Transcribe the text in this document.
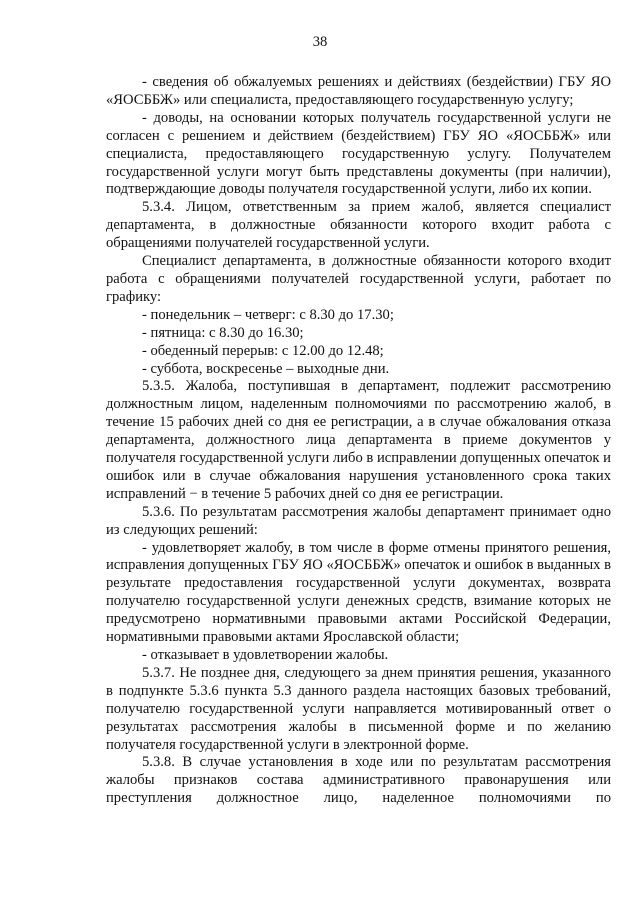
38

- сведения об обжалуемых решениях и действиях (бездействии) ГБУ ЯО «ЯОСББЖ» или специалиста, предоставляющего государственную услугу;

- доводы, на основании которых получатель государственной услуги не согласен с решением и действием (бездействием) ГБУ ЯО «ЯОСББЖ» или специалиста, предоставляющего государственную услугу. Получателем государственной услуги могут быть представлены документы (при наличии), подтверждающие доводы получателя государственной услуги, либо их копии.

5.3.4. Лицом, ответственным за прием жалоб, является специалист департамента, в должностные обязанности которого входит работа с обращениями получателей государственной услуги.

Специалист департамента, в должностные обязанности которого входит работа с обращениями получателей государственной услуги, работает по графику:

- понедельник – четверг: с 8.30 до 17.30;

- пятница: с 8.30 до 16.30;

- обеденный перерыв: с 12.00 до 12.48;

- суббота, воскресенье – выходные дни.

5.3.5. Жалоба, поступившая в департамент, подлежит рассмотрению должностным лицом, наделенным полномочиями по рассмотрению жалоб, в течение 15 рабочих дней со дня ее регистрации, а в случае обжалования отказа департамента, должностного лица департамента в приеме документов у получателя государственной услуги либо в исправлении допущенных опечаток и ошибок или в случае обжалования нарушения установленного срока таких исправлений − в течение 5 рабочих дней со дня ее регистрации.

5.3.6. По результатам рассмотрения жалобы департамент принимает одно из следующих решений:

- удовлетворяет жалобу, в том числе в форме отмены принятого решения, исправления допущенных ГБУ ЯО «ЯОСББЖ» опечаток и ошибок в выданных в результате предоставления государственной услуги документах, возврата получателю государственной услуги денежных средств, взимание которых не предусмотрено нормативными правовыми актами Российской Федерации, нормативными правовыми актами Ярославской области;

- отказывает в удовлетворении жалобы.

5.3.7. Не позднее дня, следующего за днем принятия решения, указанного в подпункте 5.3.6 пункта 5.3 данного раздела настоящих базовых требований, получателю государственной услуги направляется мотивированный ответ о результатах рассмотрения жалобы в письменной форме и по желанию получателя государственной услуги в электронной форме.

5.3.8. В случае установления в ходе или по результатам рассмотрения жалобы признаков состава административного правонарушения или преступления должностное лицо, наделенное полномочиями по
